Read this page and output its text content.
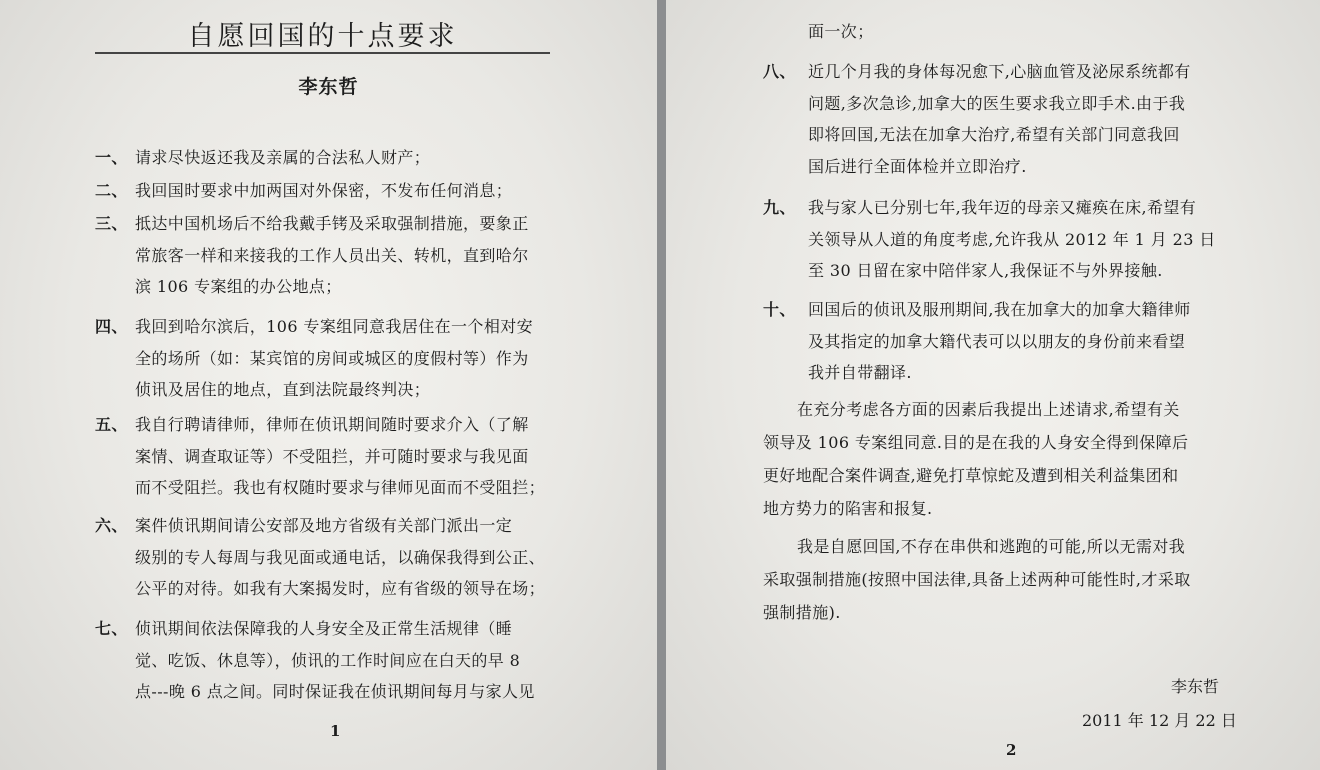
自愿回国的十点要求
李东哲
一、 请求尽快返还我及亲属的合法私人财产；
二、 我回国时要求中加两国对外保密，不发布任何消息；
三、 抵达中国机场后不给我戴手铐及采取强制措施，要象正
常旅客一样和来接我的工作人员出关、转机，直到哈尔
滨 106 专案组的办公地点；
四、 我回到哈尔滨后，106 专案组同意我居住在一个相对安
全的场所（如：某宾馆的房间或城区的度假村等）作为
侦讯及居住的地点，直到法院最终判决；
五、 我自行聘请律师，律师在侦讯期间随时要求介入（了解
案情、调查取证等）不受阻拦，并可随时要求与我见面
而不受阻拦。我也有权随时要求与律师见面而不受阻拦；
六、 案件侦讯期间请公安部及地方省级有关部门派出一定
级别的专人每周与我见面或通电话，以确保我得到公正、
公平的对待。如我有大案揭发时，应有省级的领导在场；
七、 侦讯期间依法保障我的人身安全及正常生活规律（睡
觉、吃饭、休息等），侦讯的工作时间应在白天的早 8
点---晚 6 点之间。同时保证我在侦讯期间每月与家人见
1
面一次；
八、 近几个月我的身体每况愈下,心脑血管及泌尿系统都有
问题,多次急诊,加拿大的医生要求我立即手术.由于我
即将回国,无法在加拿大治疗,希望有关部门同意我回
国后进行全面体检并立即治疗.
九、 我与家人已分别七年,我年迈的母亲又瘫痪在床,希望有
关领导从人道的角度考虑,允许我从 2012 年 1 月 23 日
至 30 日留在家中陪伴家人,我保证不与外界接触.
十、 回国后的侦讯及服刑期间,我在加拿大的加拿大籍律师
及其指定的加拿大籍代表可以以朋友的身份前来看望
我并自带翻译.
在充分考虑各方面的因素后我提出上述请求,希望有关
领导及 106 专案组同意.目的是在我的人身安全得到保障后
更好地配合案件调查,避免打草惊蛇及遭到相关利益集团和
地方势力的陷害和报复.
我是自愿回国,不存在串供和逃跑的可能,所以无需对我
采取强制措施(按照中国法律,具备上述两种可能性时,才采取
强制措施).
李东哲
2011 年 12 月 22 日
2
